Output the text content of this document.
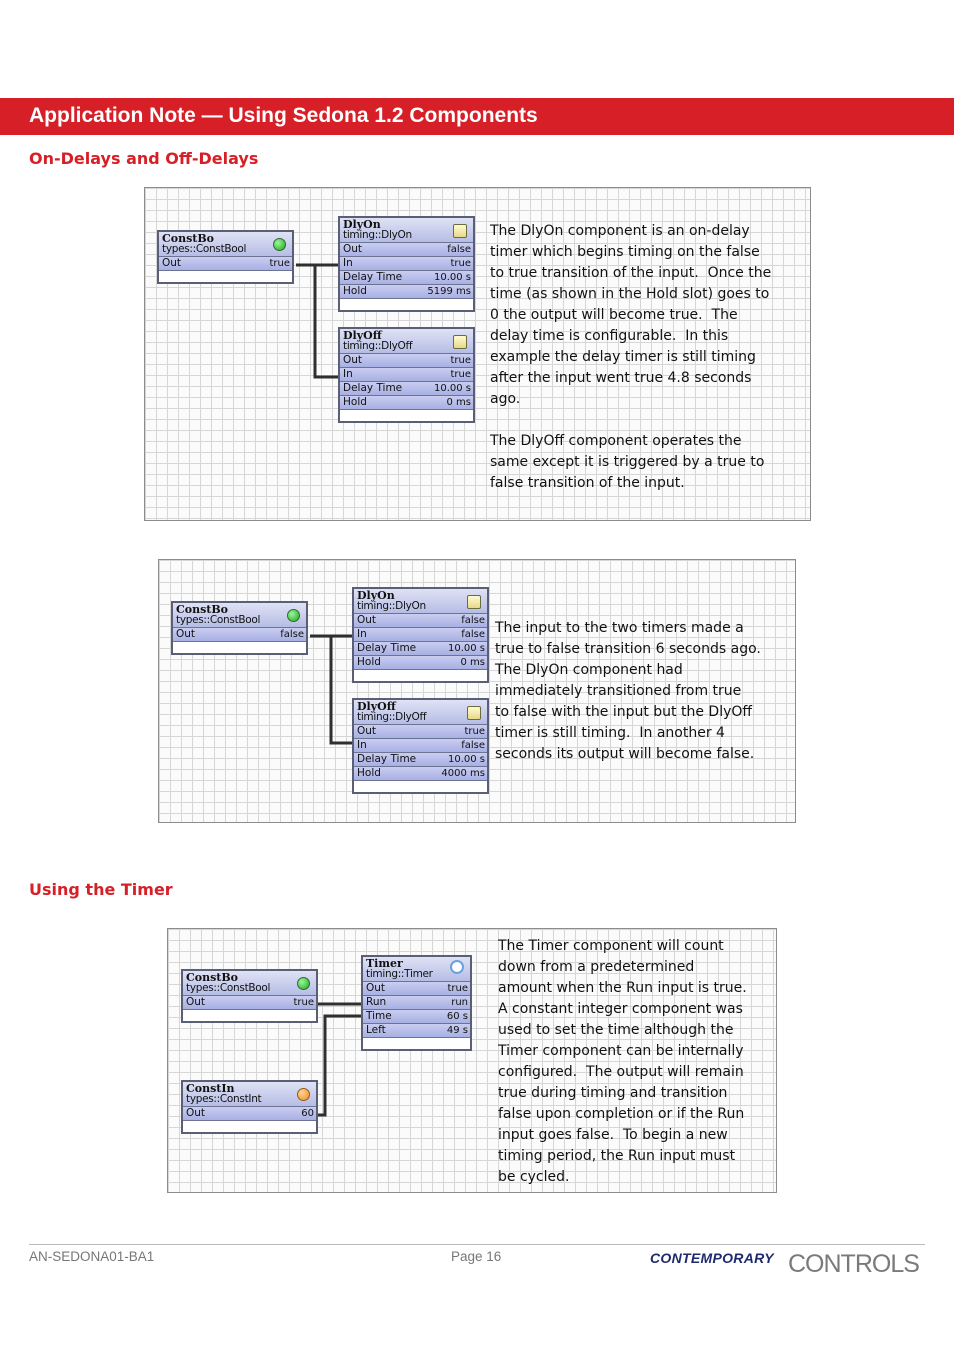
Application Note — Using Sedona 1.2 Components
On-Delays and Off-Delays
ConstBo
types::ConstBool
Out	true
DlyOn
timing::DlyOn
Out	false
In	true
Delay Time	10.00 s
Hold	5199 ms
DlyOff
timing::DlyOff
Out	true
In	true
Delay Time	10.00 s
Hold	0 ms
The DlyOn component is an on-delay
timer which begins timing on the false
to true transition of the input.  Once the
time (as shown in the Hold slot) goes to
0 the output will become true.  The
delay time is configurable.  In this
example the delay timer is still timing
after the input went true 4.8 seconds
ago.

The DlyOff component operates the
same except it is triggered by a true to
false transition of the input.
ConstBo
types::ConstBool
Out	false
DlyOn
timing::DlyOn
Out	false
In	false
Delay Time	10.00 s
Hold	0 ms
DlyOff
timing::DlyOff
Out	true
In	false
Delay Time	10.00 s
Hold	4000 ms
The input to the two timers made a
true to false transition 6 seconds ago.
The DlyOn component had
immediately transitioned from true
to false with the input but the DlyOff
timer is still timing.  In another 4
seconds its output will become false.
Using the Timer
ConstBo
types::ConstBool
Out	true
ConstIn
types::ConstInt
Out	60
Timer
timing::Timer
Out	true
Run	run
Time	60 s
Left	49 s
The Timer component will count
down from a predetermined
amount when the Run input is true.
A constant integer component was
used to set the time although the
Timer component can be internally
configured.  The output will remain
true during timing and transition
false upon completion or if the Run
input goes false.  To begin a new
timing period, the Run input must
be cycled.
AN-SEDONA01-BA1	Page 16	CONTEMPORARY CONTROLS
